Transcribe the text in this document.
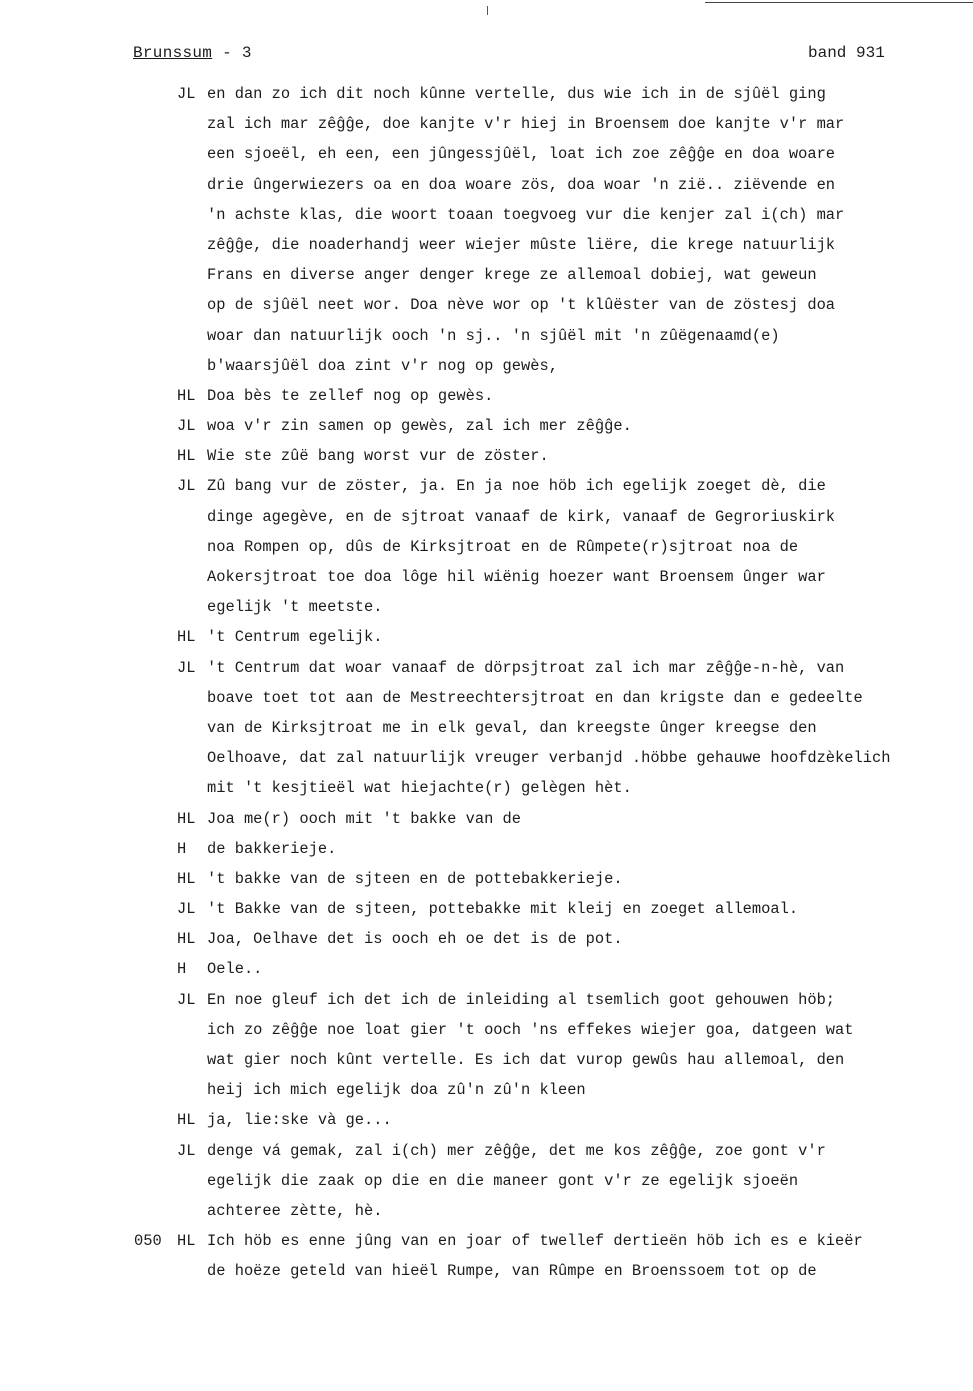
Brunssum - 3	band 931
JL en dan zo ich dit noch kûnne vertelle, dus wie ich in de sjûël ging
zal ich mar zêĝĝe, doe kanjte v'r hiej in Broensem doe kanjte v'r mar
een sjoeël, eh een, een jûngessjûël, loat ich zoe zêĝĝe en doa woare
drie ûngerwiezers oa en doa woare zös, doa woar 'n zië.. ziëvende en
'n achste klas, die woort toaan toegvoeg vur die kenjer zal i(ch) mar
zêĝĝe, die noaderhandj weer wiejer mûste liëre, die krege natuurlijk
Frans en diverse anger denger krege ze allemoal dobiej, wat geweun
op de sjûël neet wor. Doa nève wor op 't klûëster van de zöstesj doa
woar dan natuurlijk ooch 'n sj.. 'n sjûël mit 'n zûëgenaamd(e)
b'waarsjûël doa zint v'r nog op gewès,
HL Doa bès te zellef nog op gewès.
JL woa v'r zin samen op gewès, zal ich mer zêĝĝe.
HL Wie ste zûë bang worst vur de zöster.
JL Zû bang vur de zöster, ja. En ja noe höb ich egelijk zoeget dè, die
dinge agegève, en de sjtroat vanaaf de kirk, vanaaf de Gegroriuskirk
noa Rompen op, dûs de Kirksjtroat en de Rûmpete(r)sjtroat noa de
Aokersjtroat toe doa lôge hil wiënig hoezer want Broensem ûnger war
egelijk 't meetste.
HL 't Centrum egelijk.
JL 't Centrum dat woar vanaaf de dörpsjtroat zal ich mar zêĝĝe-n-hè, van
boave toet tot aan de Mestreechtersjtroat en dan krigste dan e gedeelte
van de Kirksjtroat me in elk geval, dan kreegste ûnger kreegse den
Oelhoave, dat zal natuurlijk vreuger verbanjd .höbbe gehauwe hoofdzèkelich
mit 't kesjtieël wat hiejachte(r) gelègen hèt.
HL Joa me(r) ooch mit 't bakke van de
H de bakkerieje.
HL 't bakke van de sjteen en de pottebakkerieje.
JL 't Bakke van de sjteen, pottebakke mit kleij en zoeget allemoal.
HL Joa, Oelhave det is ooch eh oe det is de pot.
H Oele..
JL En noe gleuf ich det ich de inleiding al tsemlich goot gehouwen höb;
ich zo zêĝĝe noe loat gier 't ooch 'ns effekes wiejer goa, datgeen wat
wat gier noch kûnt vertelle. Es ich dat vurop gewûs hau allemoal, den
heij ich mich egelijk doa zû'n zû'n kleen
HL ja, lie:ske và ge...
JL denge vá gemak, zal i(ch) mer zêĝĝe, det me kos zêĝĝe, zoe gont v'r
egelijk die zaak op die en die maneer gont v'r ze egelijk sjoeën
achteree zètte, hè.
050 HL Ich höb es enne jûng van en joar of twellef dertieën höb ich es e kieër
de hoëze geteld van hieël Rumpe, van Rûmpe en Broenssoem tot op de
